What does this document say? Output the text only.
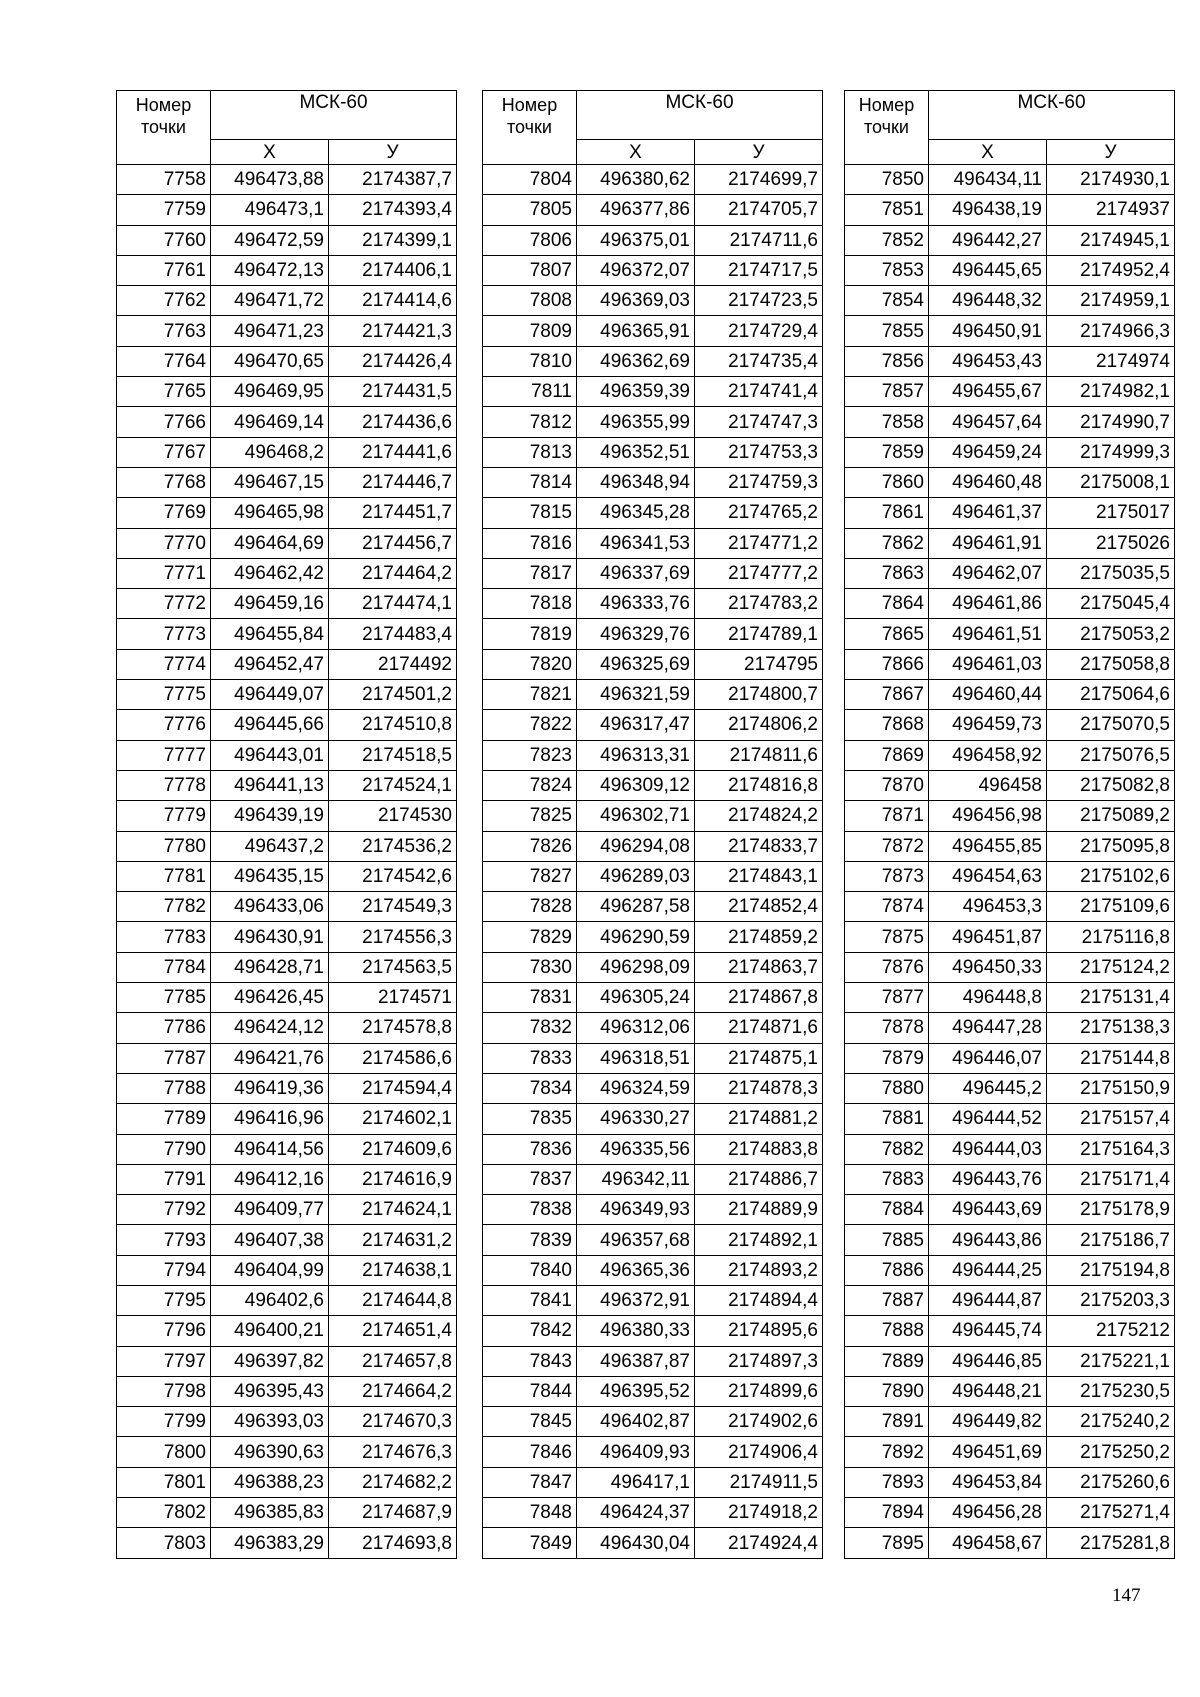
Номер точки	МСК-60	
	Х	У
7758	496473,88	2174387,7
7759	496473,1	2174393,4
7760	496472,59	2174399,1
7761	496472,13	2174406,1
7762	496471,72	2174414,6
7763	496471,23	2174421,3
7764	496470,65	2174426,4
7765	496469,95	2174431,5
7766	496469,14	2174436,6
7767	496468,2	2174441,6
7768	496467,15	2174446,7
7769	496465,98	2174451,7
7770	496464,69	2174456,7
7771	496462,42	2174464,2
7772	496459,16	2174474,1
7773	496455,84	2174483,4
7774	496452,47	2174492
7775	496449,07	2174501,2
7776	496445,66	2174510,8
7777	496443,01	2174518,5
7778	496441,13	2174524,1
7779	496439,19	2174530
7780	496437,2	2174536,2
7781	496435,15	2174542,6
7782	496433,06	2174549,3
7783	496430,91	2174556,3
7784	496428,71	2174563,5
7785	496426,45	2174571
7786	496424,12	2174578,8
7787	496421,76	2174586,6
7788	496419,36	2174594,4
7789	496416,96	2174602,1
7790	496414,56	2174609,6
7791	496412,16	2174616,9
7792	496409,77	2174624,1
7793	496407,38	2174631,2
7794	496404,99	2174638,1
7795	496402,6	2174644,8
7796	496400,21	2174651,4
7797	496397,82	2174657,8
7798	496395,43	2174664,2
7799	496393,03	2174670,3
7800	496390,63	2174676,3
7801	496388,23	2174682,2
7802	496385,83	2174687,9
7803	496383,29	2174693,8
Номер точки	МСК-60	
	Х	У
7804	496380,62	2174699,7
7805	496377,86	2174705,7
7806	496375,01	2174711,6
7807	496372,07	2174717,5
7808	496369,03	2174723,5
7809	496365,91	2174729,4
7810	496362,69	2174735,4
7811	496359,39	2174741,4
7812	496355,99	2174747,3
7813	496352,51	2174753,3
7814	496348,94	2174759,3
7815	496345,28	2174765,2
7816	496341,53	2174771,2
7817	496337,69	2174777,2
7818	496333,76	2174783,2
7819	496329,76	2174789,1
7820	496325,69	2174795
7821	496321,59	2174800,7
7822	496317,47	2174806,2
7823	496313,31	2174811,6
7824	496309,12	2174816,8
7825	496302,71	2174824,2
7826	496294,08	2174833,7
7827	496289,03	2174843,1
7828	496287,58	2174852,4
7829	496290,59	2174859,2
7830	496298,09	2174863,7
7831	496305,24	2174867,8
7832	496312,06	2174871,6
7833	496318,51	2174875,1
7834	496324,59	2174878,3
7835	496330,27	2174881,2
7836	496335,56	2174883,8
7837	496342,11	2174886,7
7838	496349,93	2174889,9
7839	496357,68	2174892,1
7840	496365,36	2174893,2
7841	496372,91	2174894,4
7842	496380,33	2174895,6
7843	496387,87	2174897,3
7844	496395,52	2174899,6
7845	496402,87	2174902,6
7846	496409,93	2174906,4
7847	496417,1	2174911,5
7848	496424,37	2174918,2
7849	496430,04	2174924,4
Номер точки	МСК-60	
	Х	У
7850	496434,11	2174930,1
7851	496438,19	2174937
7852	496442,27	2174945,1
7853	496445,65	2174952,4
7854	496448,32	2174959,1
7855	496450,91	2174966,3
7856	496453,43	2174974
7857	496455,67	2174982,1
7858	496457,64	2174990,7
7859	496459,24	2174999,3
7860	496460,48	2175008,1
7861	496461,37	2175017
7862	496461,91	2175026
7863	496462,07	2175035,5
7864	496461,86	2175045,4
7865	496461,51	2175053,2
7866	496461,03	2175058,8
7867	496460,44	2175064,6
7868	496459,73	2175070,5
7869	496458,92	2175076,5
7870	496458	2175082,8
7871	496456,98	2175089,2
7872	496455,85	2175095,8
7873	496454,63	2175102,6
7874	496453,3	2175109,6
7875	496451,87	2175116,8
7876	496450,33	2175124,2
7877	496448,8	2175131,4
7878	496447,28	2175138,3
7879	496446,07	2175144,8
7880	496445,2	2175150,9
7881	496444,52	2175157,4
7882	496444,03	2175164,3
7883	496443,76	2175171,4
7884	496443,69	2175178,9
7885	496443,86	2175186,7
7886	496444,25	2175194,8
7887	496444,87	2175203,3
7888	496445,74	2175212
7889	496446,85	2175221,1
7890	496448,21	2175230,5
7891	496449,82	2175240,2
7892	496451,69	2175250,2
7893	496453,84	2175260,6
7894	496456,28	2175271,4
7895	496458,67	2175281,8
147
